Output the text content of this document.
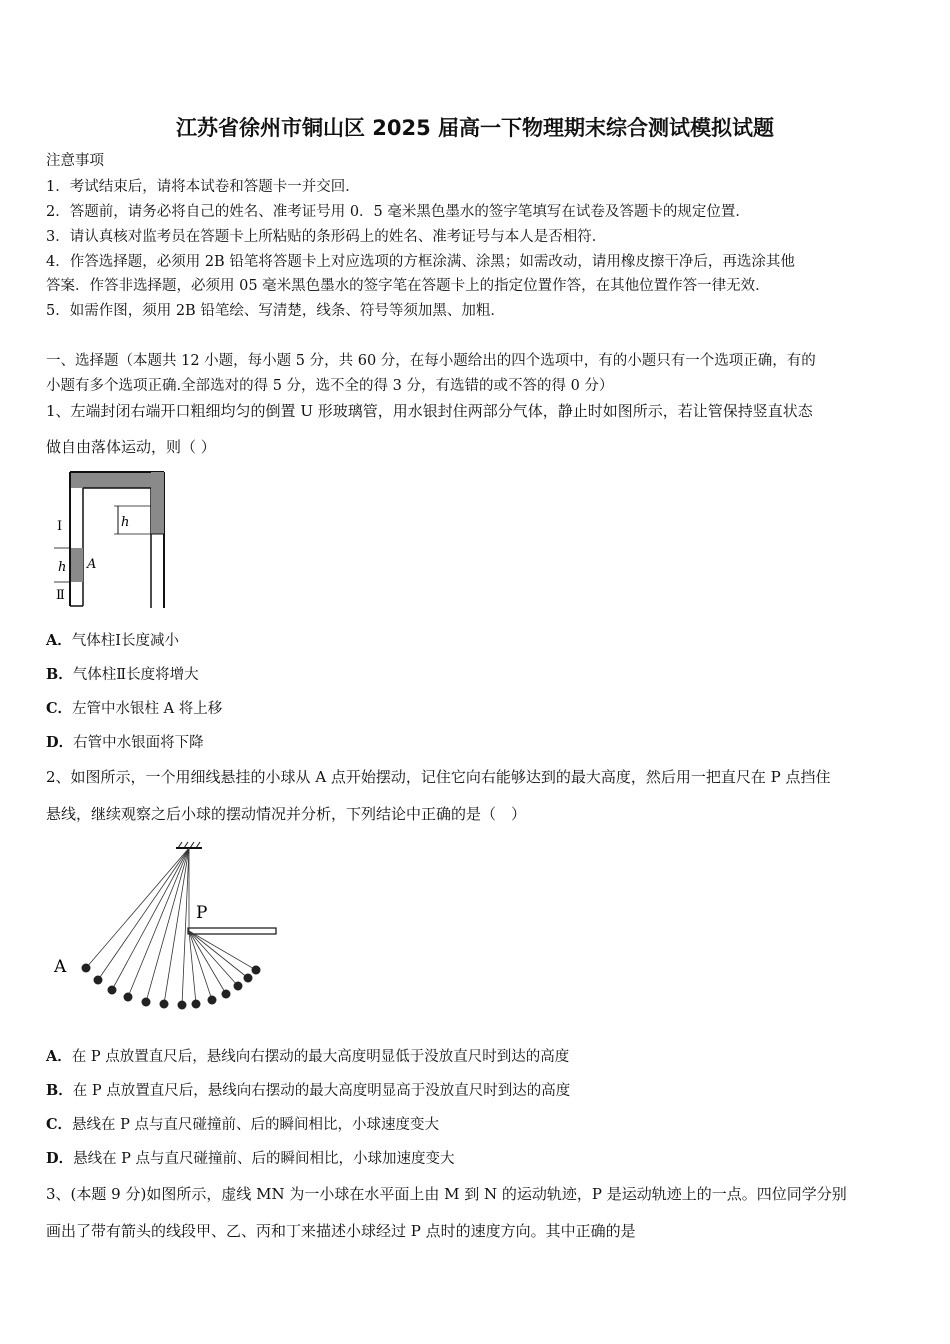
江苏省徐州市铜山区 2025 届高一下物理期末综合测试模拟试题
注意事项
1．考试结束后，请将本试卷和答题卡一并交回．
2．答题前，请务必将自己的姓名、准考证号用 0．5 毫米黑色墨水的签字笔填写在试卷及答题卡的规定位置．
3．请认真核对监考员在答题卡上所粘贴的条形码上的姓名、准考证号与本人是否相符．
4．作答选择题，必须用 2B 铅笔将答题卡上对应选项的方框涂满、涂黑；如需改动，请用橡皮擦干净后，再选涂其他
答案．作答非选择题，必须用 05 毫米黑色墨水的签字笔在答题卡上的指定位置作答，在其他位置作答一律无效．
5．如需作图，须用 2B 铅笔绘、写清楚，线条、符号等须加黑、加粗．
一、选择题（本题共 12 小题，每小题 5 分，共 60 分，在每小题给出的四个选项中，有的小题只有一个选项正确，有的
小题有多个选项正确.全部选对的得 5 分，选不全的得 3 分，有选错的或不答的得 0 分）
1、左端封闭右端开口粗细均匀的倒置 U 形玻璃管，用水银封住两部分气体，静止时如图所示，若让管保持竖直状态
做自由落体运动，则（ ）
h
h A
I
Ⅱ
A．气体柱Ⅰ长度减小
B．气体柱Ⅱ长度将增大
C．左管中水银柱 A 将上移
D．右管中水银面将下降
2、如图所示，一个用细线悬挂的小球从 A 点开始摆动，记住它向右能够达到的最大高度，然后用一把直尺在 P 点挡住
悬线，继续观察之后小球的摆动情况并分析，下列结论中正确的是（　）
P
A
A．在 P 点放置直尺后，悬线向右摆动的最大高度明显低于没放直尺时到达的高度
B．在 P 点放置直尺后，悬线向右摆动的最大高度明显高于没放直尺时到达的高度
C．悬线在 P 点与直尺碰撞前、后的瞬间相比，小球速度变大
D．悬线在 P 点与直尺碰撞前、后的瞬间相比，小球加速度变大
3、(本题 9 分)如图所示，虚线 MN 为一小球在水平面上由 M 到 N 的运动轨迹，P 是运动轨迹上的一点。四位同学分别
画出了带有箭头的线段甲、乙、丙和丁来描述小球经过 P 点时的速度方向。其中正确的是
